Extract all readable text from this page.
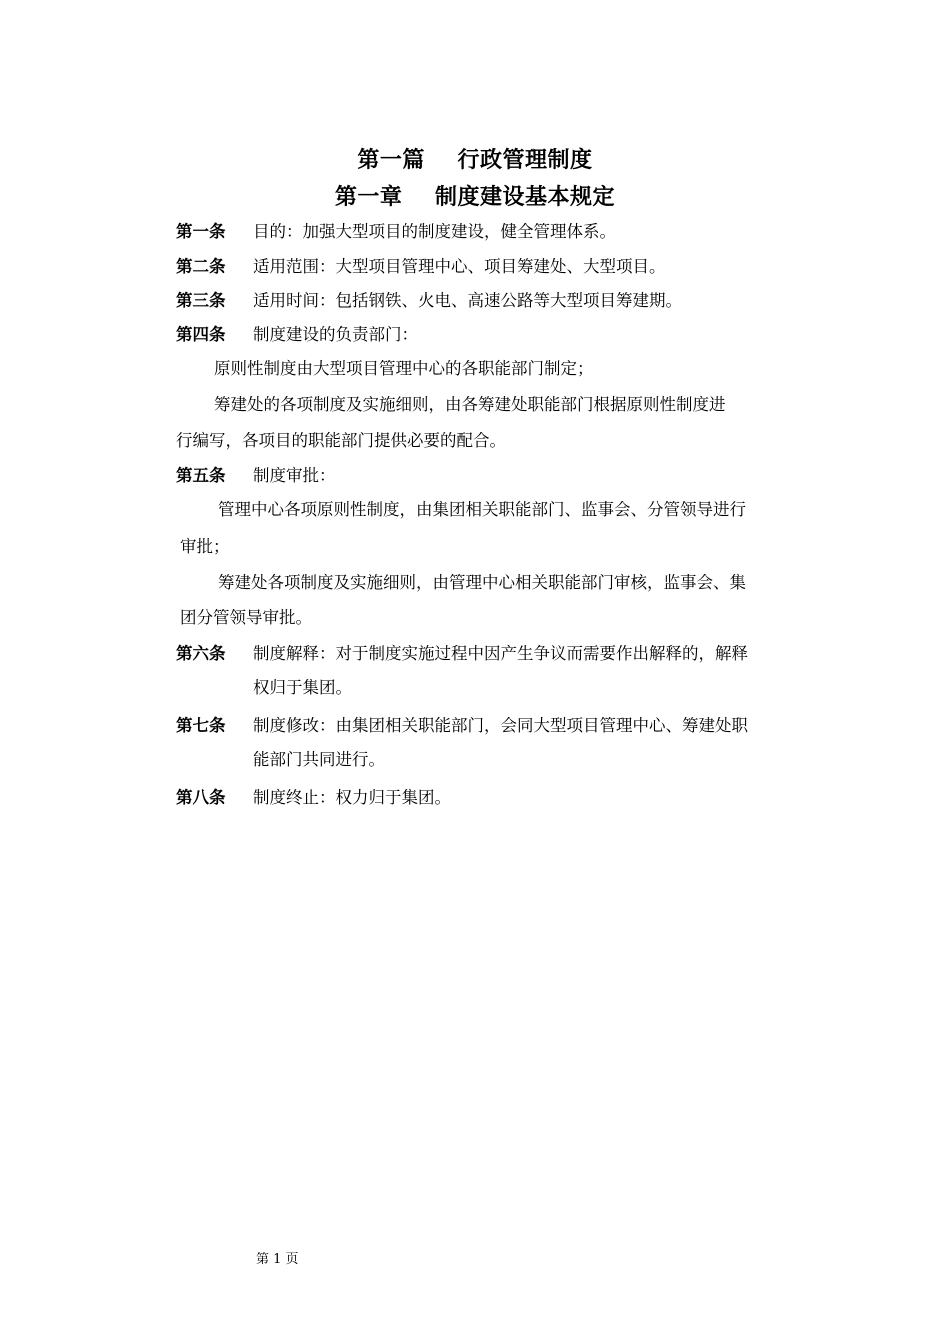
第一篇    行政管理制度
第一章    制度建设基本规定
第一条 目的：加强大型项目的制度建设，健全管理体系。
第二条 适用范围：大型项目管理中心、项目筹建处、大型项目。
第三条 适用时间：包括钢铁、火电、高速公路等大型项目筹建期。
第四条 制度建设的负责部门：
原则性制度由大型项目管理中心的各职能部门制定；
筹建处的各项制度及实施细则，由各筹建处职能部门根据原则性制度进
行编写，各项目的职能部门提供必要的配合。
第五条 制度审批：
管理中心各项原则性制度，由集团相关职能部门、监事会、分管领导进行
审批；
筹建处各项制度及实施细则，由管理中心相关职能部门审核，监事会、集
团分管领导审批。
第六条 制度解释：对于制度实施过程中因产生争议而需要作出解释的，解释
权归于集团。
第七条 制度修改：由集团相关职能部门，会同大型项目管理中心、筹建处职
能部门共同进行。
第八条 制度终止：权力归于集团。
第 1 页
